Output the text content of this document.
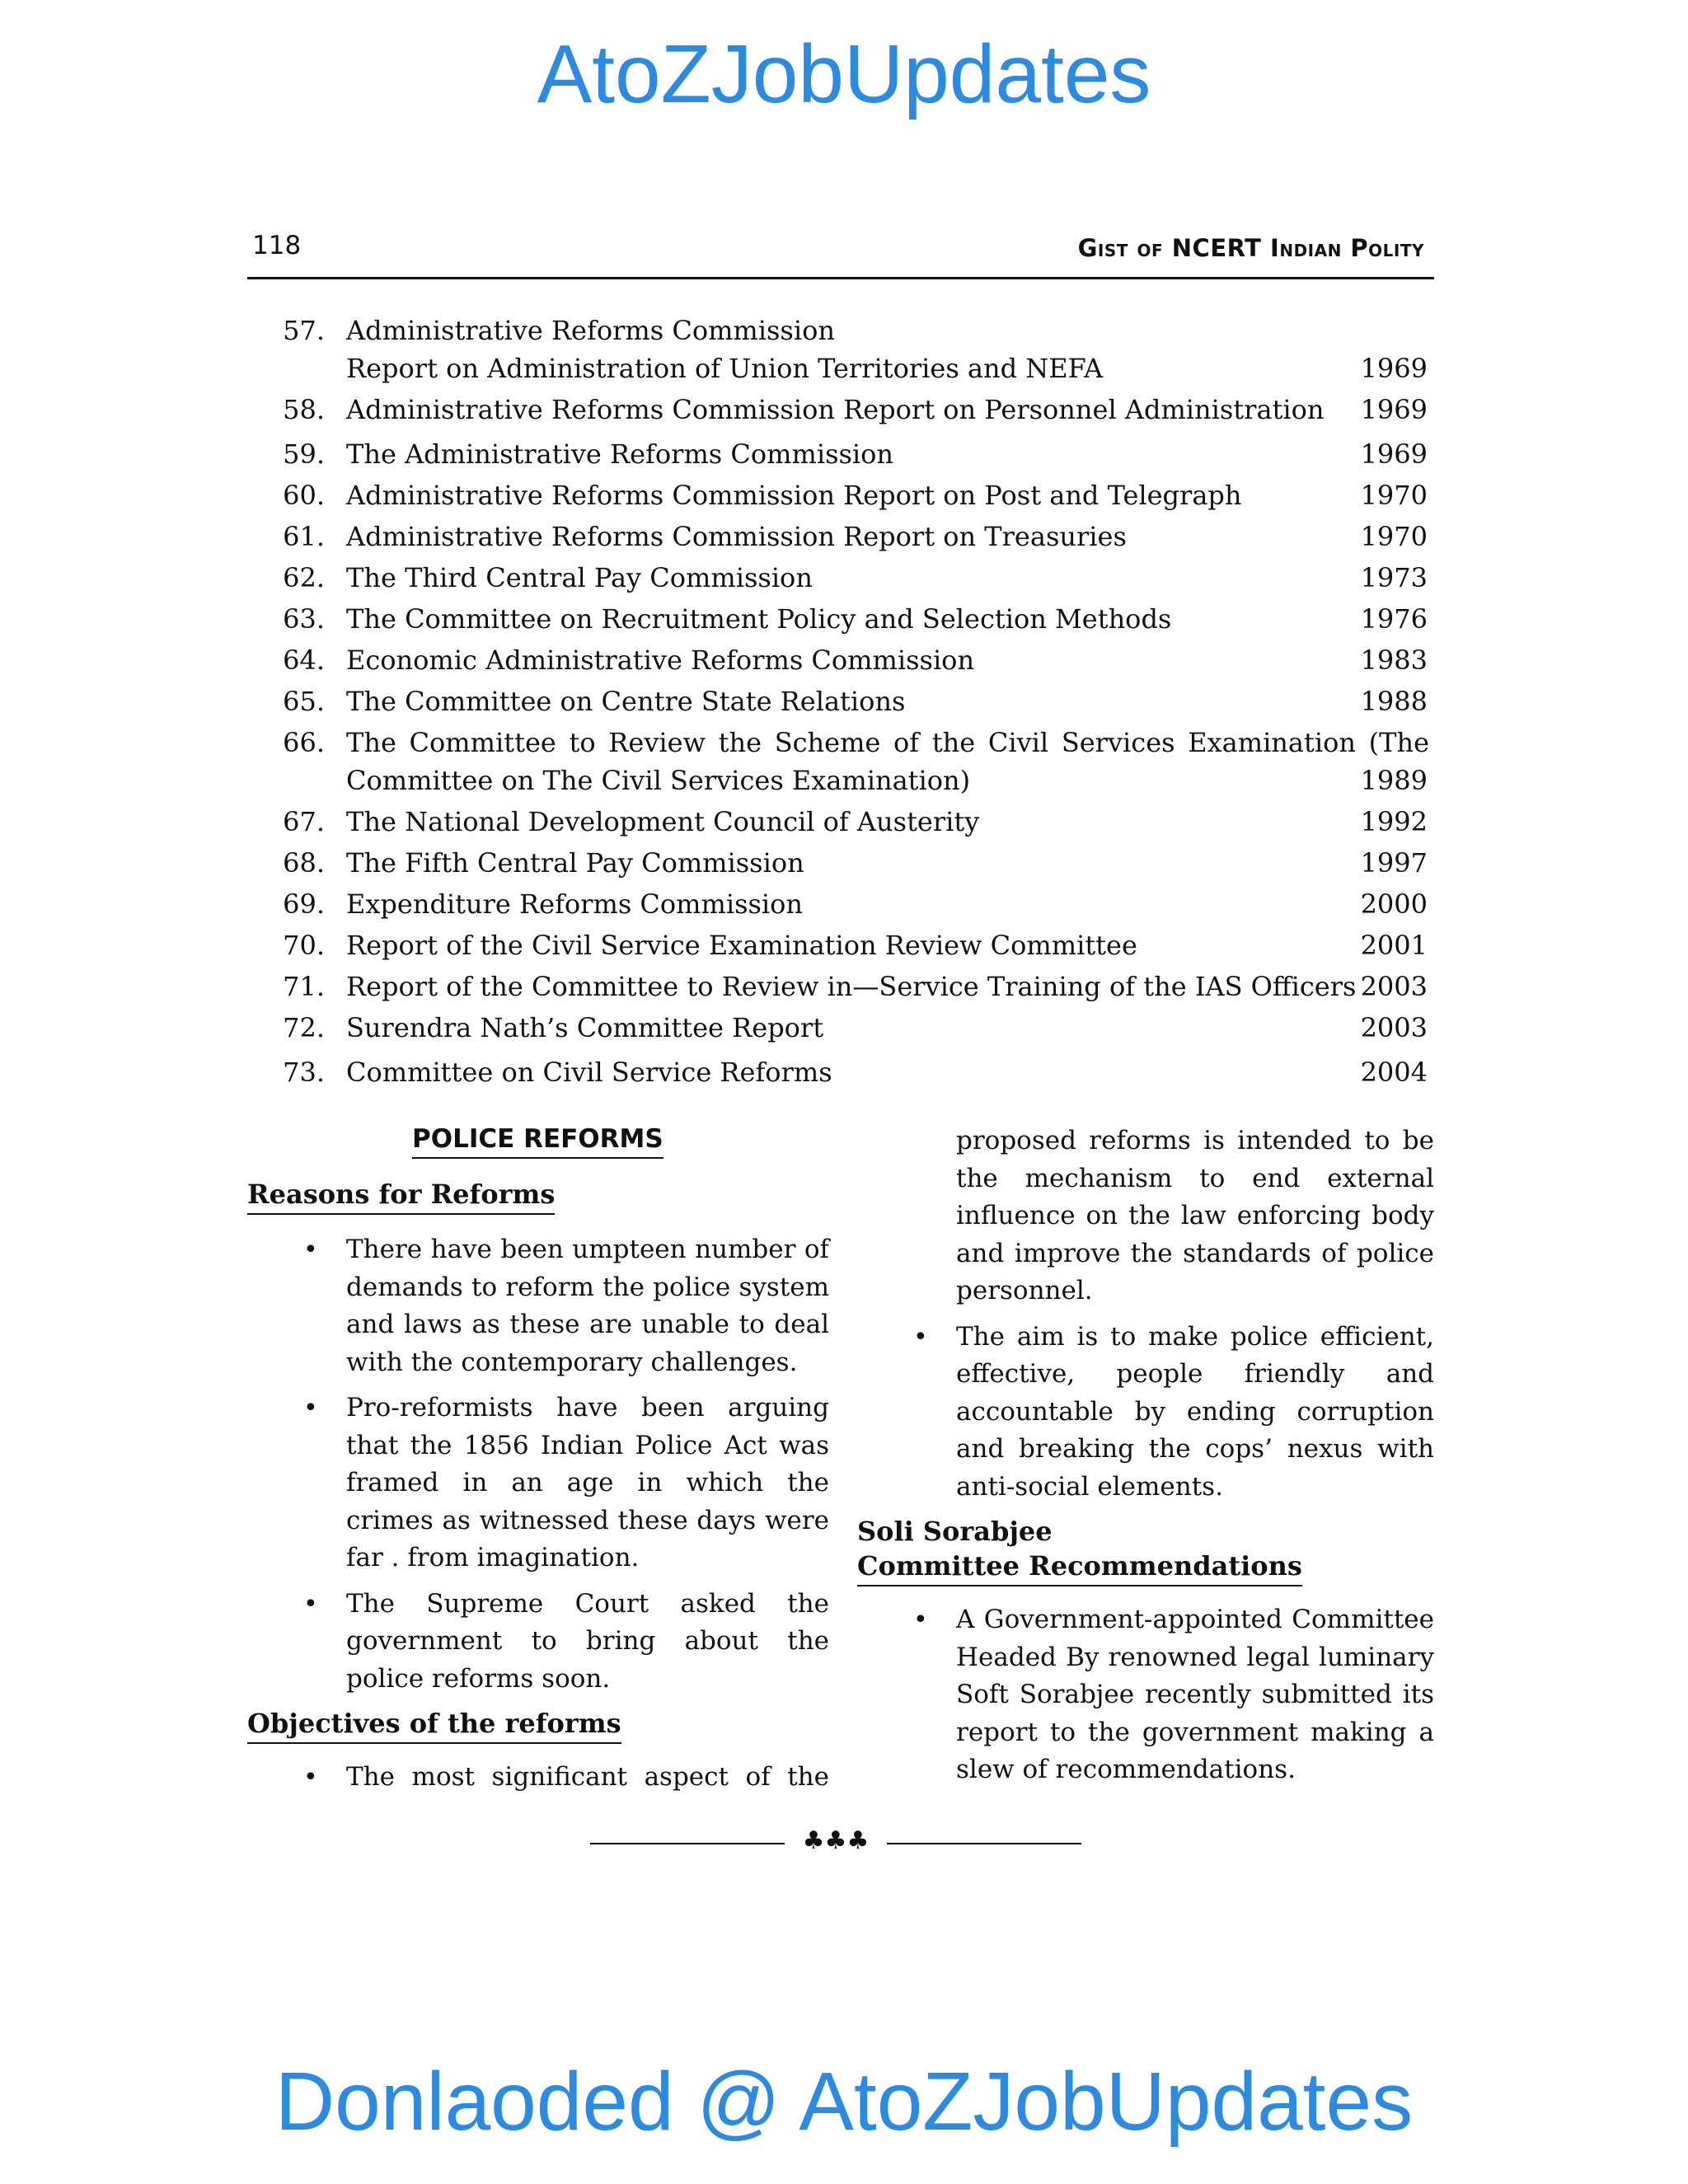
AtoZJobUpdates
118	Gist of NCERT Indian Polity
57. Administrative Reforms Commission
Report on Administration of Union Territories and NEFA	1969
58. Administrative Reforms Commission Report on Personnel Administration 1969
59. The Administrative Reforms Commission	1969
60. Administrative Reforms Commission Report on Post and Telegraph	1970
61. Administrative Reforms Commission Report on Treasuries	1970
62. The Third Central Pay Commission	1973
63. The Committee on Recruitment Policy and Selection Methods	1976
64. Economic Administrative Reforms Commission	1983
65. The Committee on Centre State Relations	1988
66. The Committee to Review the Scheme of the Civil Services Examination (The
Committee on The Civil Services Examination)	1989
67. The National Development Council of Austerity	1992
68. The Fifth Central Pay Commission	1997
69. Expenditure Reforms Commission	2000
70. Report of the Civil Service Examination Review Committee	2001
71. Report of the Committee to Review in—Service Training of the IAS Officers 2003
72. Surendra Nath’s Committee Report	2003
73. Committee on Civil Service Reforms	2004
POLICE REFORMS
Reasons for Reforms
• There have been umpteen number of demands to reform the police system and laws as these are unable to deal with the contemporary challenges.
• Pro-reformists have been arguing that the 1856 Indian Police Act was framed in an age in which the crimes as witnessed these days were far . from imagination.
• The Supreme Court asked the government to bring about the police reforms soon.
Objectives of the reforms
• The most significant aspect of the
proposed reforms is intended to be the mechanism to end external influence on the law enforcing body and improve the standards of police personnel.
• The aim is to make police efficient, effective, people friendly and accountable by ending corruption and breaking the cops’ nexus with anti-social elements.
Soli Sorabjee
Committee Recommendations
• A Government-appointed Committee Headed By renowned legal luminary Soft Sorabjee recently submitted its report to the government making a slew of recommendations.
♣♣♣
Donlaoded @ AtoZJobUpdates
